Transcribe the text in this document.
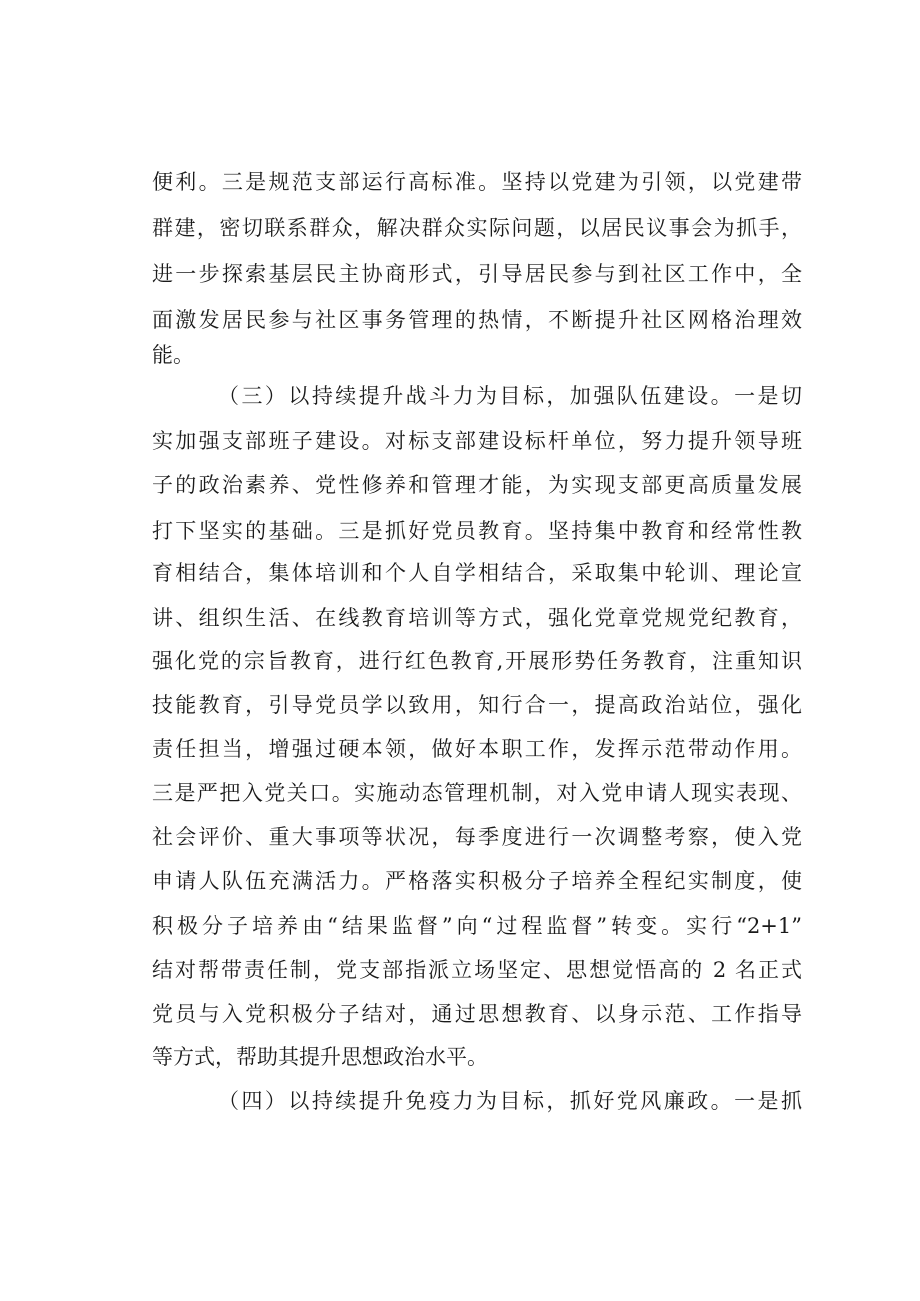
便利。三是规范支部运行高标准。坚持以党建为引领，以党建带
群建，密切联系群众，解决群众实际问题，以居民议事会为抓手，
进一步探索基层民主协商形式，引导居民参与到社区工作中，全
面激发居民参与社区事务管理的热情，不断提升社区网格治理效
能。
（三）以持续提升战斗力为目标，加强队伍建设。一是切
实加强支部班子建设。对标支部建设标杆单位，努力提升领导班
子的政治素养、党性修养和管理才能，为实现支部更高质量发展
打下坚实的基础。三是抓好党员教育。坚持集中教育和经常性教
育相结合，集体培训和个人自学相结合，采取集中轮训、理论宣
讲、组织生活、在线教育培训等方式，强化党章党规党纪教育，
强化党的宗旨教育，进行红色教育,开展形势任务教育，注重知识
技能教育，引导党员学以致用，知行合一，提高政治站位，强化
责任担当，增强过硬本领，做好本职工作，发挥示范带动作用。
三是严把入党关口。实施动态管理机制，对入党申请人现实表现、
社会评价、重大事项等状况，每季度进行一次调整考察，使入党
申请人队伍充满活力。严格落实积极分子培养全程纪实制度，使
积极分子培养由“结果监督”向“过程监督”转变。实行“2+1”
结对帮带责任制，党支部指派立场坚定、思想觉悟高的 2 名正式
党员与入党积极分子结对，通过思想教育、以身示范、工作指导
等方式，帮助其提升思想政治水平。
（四）以持续提升免疫力为目标，抓好党风廉政。一是抓
